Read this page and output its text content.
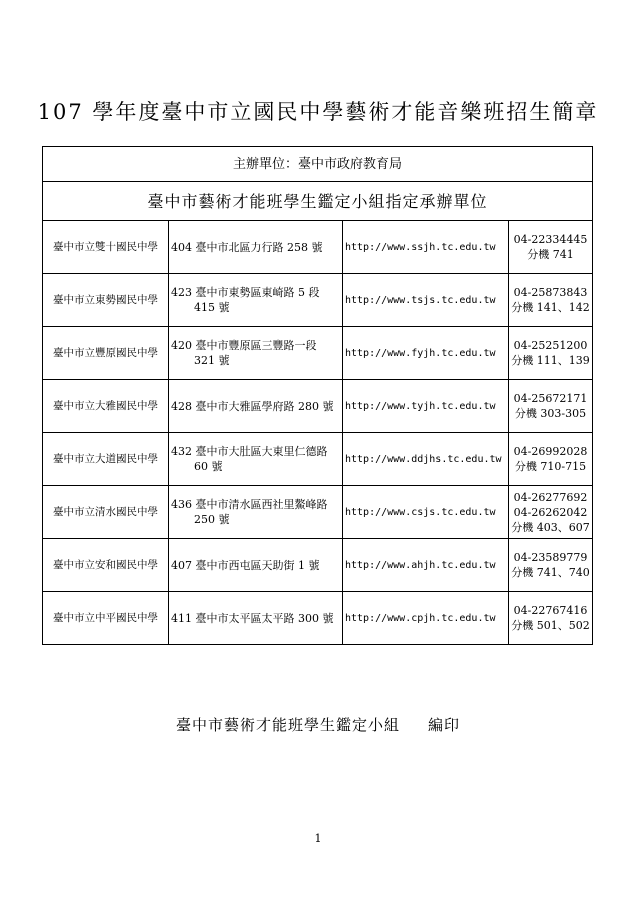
107 學年度臺中市立國民中學藝術才能音樂班招生簡章
主辦單位：臺中市政府教育局			
臺中市藝術才能班學生鑑定小組指定承辦單位			
臺中市立雙十國民中學	404 臺中市北區力行路 258 號	http://www.ssjh.tc.edu.tw	04-22334445
分機 741

臺中市立東勢國民中學	423 臺中市東勢區東崎路 5 段 415 號	http://www.tsjs.tc.edu.tw	04-25873843
分機 141、142

臺中市立豐原國民中學	420 臺中市豐原區三豐路一段 321 號	http://www.fyjh.tc.edu.tw	04-25251200
分機 111、139

臺中市立大雅國民中學	428 臺中市大雅區學府路 280 號	http://www.tyjh.tc.edu.tw	04-25672171
分機 303-305

臺中市立大道國民中學	432 臺中市大肚區大東里仁德路 60 號	http://www.ddjhs.tc.edu.tw	04-26992028
分機 710-715

臺中市立清水國民中學	436 臺中市清水區西社里鰲峰路 250 號	http://www.csjs.tc.edu.tw	04-26277692
04-26262042
分機 403、607

臺中市立安和國民中學	407 臺中市西屯區天助街 1 號	http://www.ahjh.tc.edu.tw	04-23589779
分機 741、740

臺中市立中平國民中學	411 臺中市太平區太平路 300 號	http://www.cpjh.tc.edu.tw	04-22767416
分機 501、502
臺中市藝術才能班學生鑑定小組 編印
1
